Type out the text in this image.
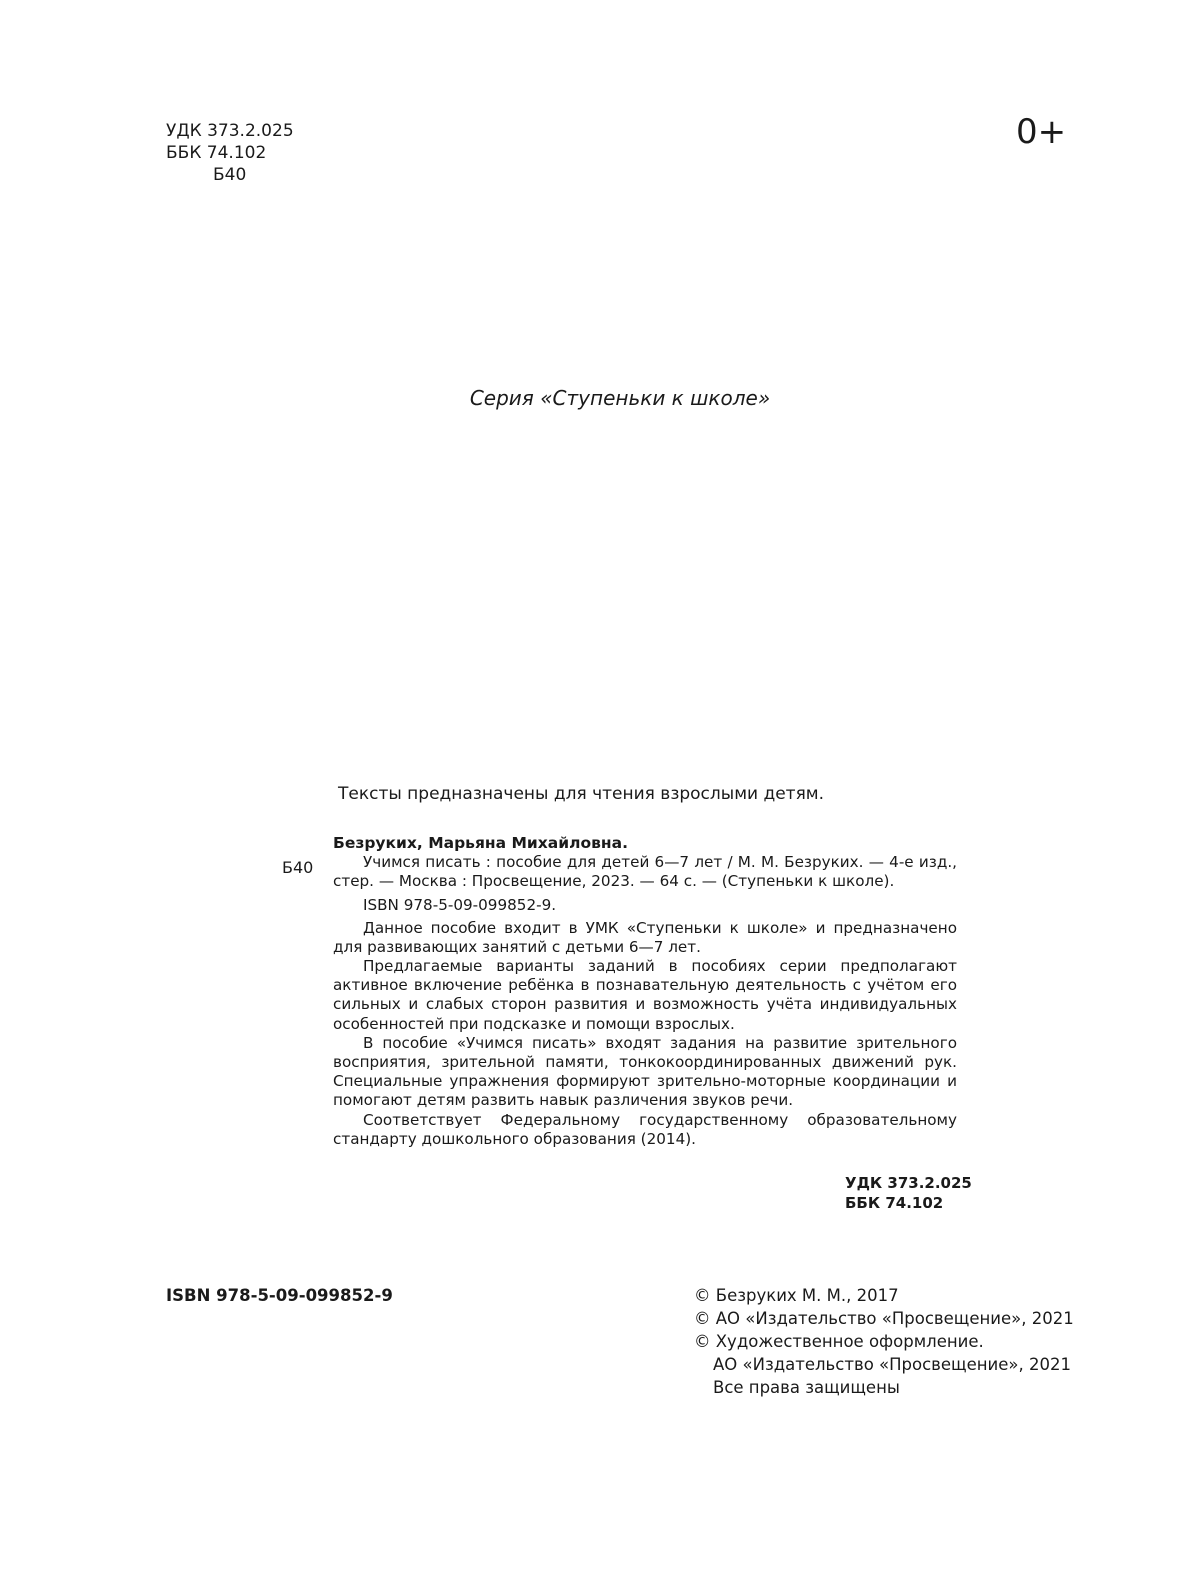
УДК 373.2.025
ББК 74.102
Б40
0+
Серия «Ступеньки к школе»
Тексты предназначены для чтения взрослыми детям.
Б40

Безруких, Марьяна Михайловна.

Учимся писать : пособие для детей 6—7 лет / М. М. Безруких. — 4-е изд., стер. — Москва : Просвещение, 2023. — 64 с. — (Ступеньки к школе).

ISBN 978-5-09-099852-9.

Данное пособие входит в УМК «Ступеньки к школе» и предназначено для развивающих занятий с детьми 6—7 лет.

Предлагаемые варианты заданий в пособиях серии предполагают активное включение ребёнка в познавательную деятельность с учётом его сильных и слабых сторон развития и возможность учёта индивидуальных особенностей при подсказке и помощи взрослых.

В пособие «Учимся писать» входят задания на развитие зрительного восприятия, зрительной памяти, тонкокоординированных движений рук. Специальные упражнения формируют зрительно-моторные координации и помогают детям развить навык различения звуков речи.

Соответствует Федеральному государственному образовательному стандарту дошкольного образования (2014).

УДК 373.2.025
ББК 74.102
ISBN 978-5-09-099852-9	© Безруких М. М., 2017
© АО «Издательство «Просвещение», 2021
© Художественное оформление.
АО «Издательство «Просвещение», 2021
Все права защищены
